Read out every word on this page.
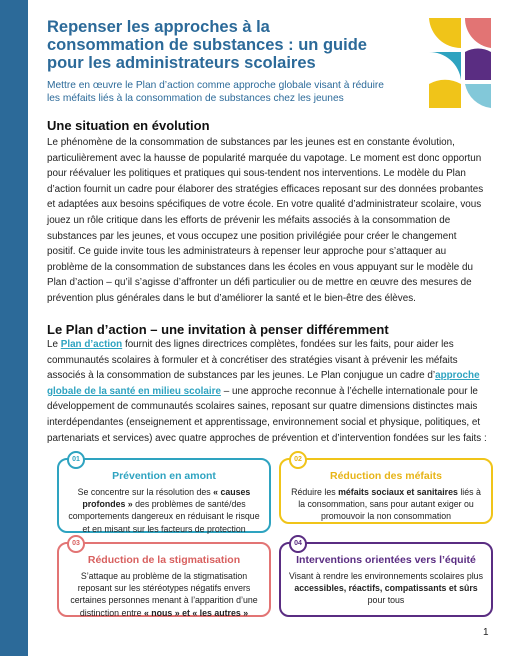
Repenser les approches à la consommation de substances : un guide pour les administrateurs scolaires
Mettre en œuvre le Plan d’action comme approche globale visant à réduire les méfaits liés à la consommation de substances chez les jeunes
Une situation en évolution
Le phénomène de la consommation de substances par les jeunes est en constante évolution, particulièrement avec la hausse de popularité marquée du vapotage. Le moment est donc opportun pour réévaluer les politiques et pratiques qui sous-tendent nos interventions. Le modèle du Plan d’action fournit un cadre pour élaborer des stratégies efficaces reposant sur des données probantes et adaptées aux besoins spécifiques de votre école. En votre qualité d’administrateur scolaire, vous jouez un rôle critique dans les efforts de prévenir les méfaits associés à la consommation de substances par les jeunes, et vous occupez une position privilégiée pour créer le changement positif. Ce guide invite tous les administrateurs à repenser leur approche pour s’attaquer au problème de la consommation de substances dans les écoles en vous appuyant sur le modèle du Plan d’action – qu’il s’agisse d’affronter un défi particulier ou de mettre en œuvre des mesures de prévention plus générales dans le but d’améliorer la santé et le bien-être des élèves.
Le Plan d’action – une invitation à penser différemment
Le Plan d’action fournit des lignes directrices complètes, fondées sur les faits, pour aider les communautés scolaires à formuler et à concrétiser des stratégies visant à prévenir les méfaits associés à la consommation de substances par les jeunes. Le Plan conjugue un cadre d’approche globale de la santé en milieu scolaire – une approche reconnue à l’échelle internationale pour le développement de communautés scolaires saines, reposant sur quatre dimensions distinctes mais interdépendantes (enseignement et apprentissage, environnement social et physique, politiques, et partenariats et services) avec quatre approches de prévention et d’intervention fondées sur les faits :
01
Prévention en amont
Se concentre sur la résolution des « causes profondes » des problèmes de santé/des comportements dangereux en réduisant le risque et en misant sur les facteurs de protection
02
Réduction des méfaits
Réduire les méfaits sociaux et sanitaires liés à la consommation, sans pour autant exiger ou promouvoir la non consommation
03
Réduction de la stigmatisation
S’attaque au problème de la stigmatisation reposant sur les stéréotypes négatifs envers certaines personnes menant à l’apparition d’une distinction entre « nous » et « les autres »
04
Interventions orientées vers l’équité
Visant à rendre les environnements scolaires plus accessibles, réactifs, compatissants et sûrs pour tous
1
